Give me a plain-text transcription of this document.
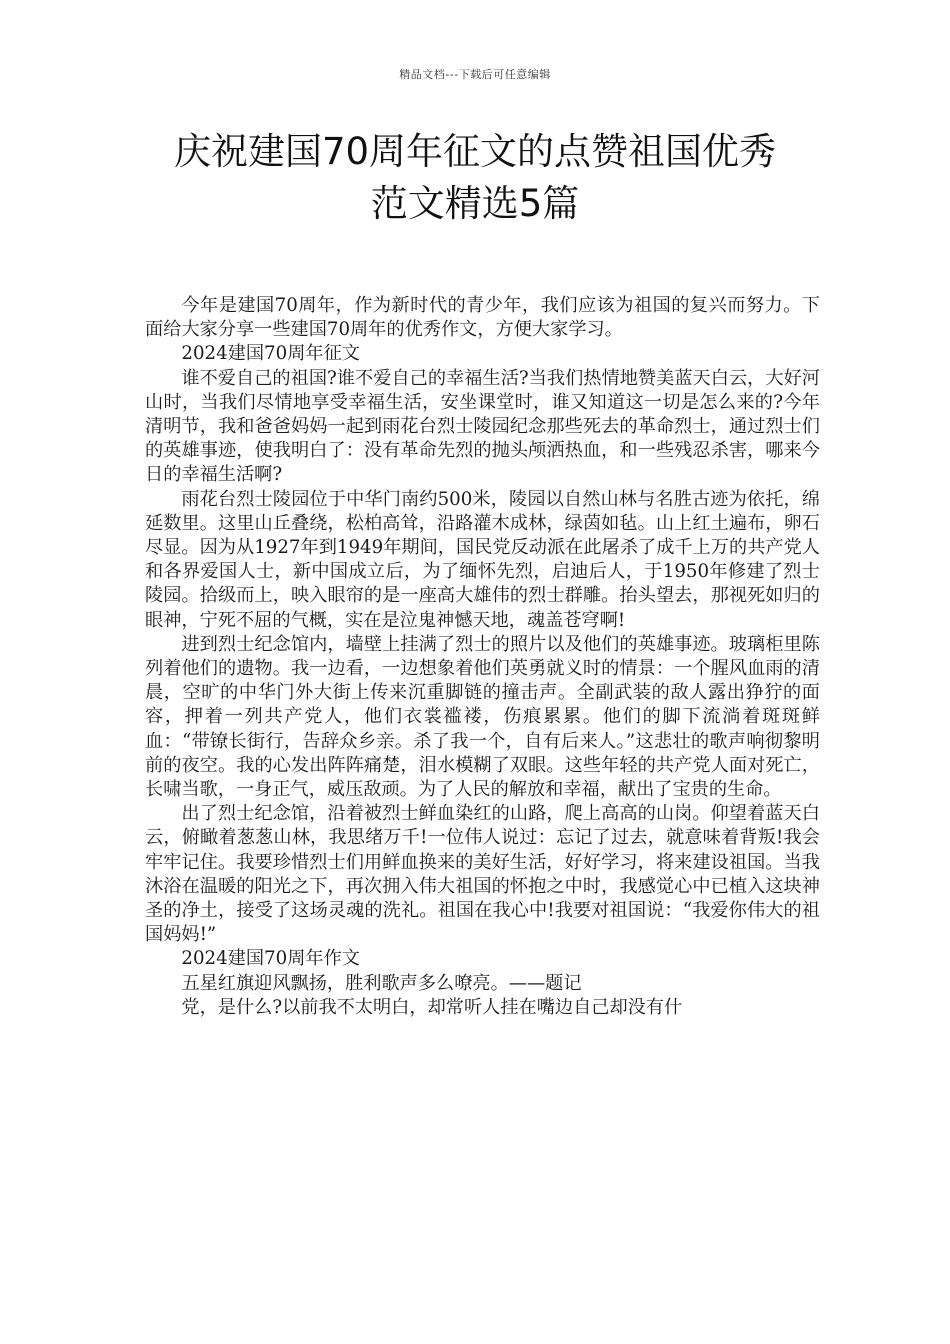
精品文档---下载后可任意编辑
庆祝建国70周年征文的点赞祖国优秀
范文精选5篇

今年是建国70周年，作为新时代的青少年，我们应该为祖国的复兴而努力。下面给大家分享一些建国70周年的优秀作文，方便大家学习。

2024建国70周年征文

谁不爱自己的祖国?谁不爱自己的幸福生活?当我们热情地赞美蓝天白云，大好河山时，当我们尽情地享受幸福生活，安坐课堂时，谁又知道这一切是怎么来的?今年清明节，我和爸爸妈妈一起到雨花台烈士陵园纪念那些死去的革命烈士，通过烈士们的英雄事迹，使我明白了：没有革命先烈的抛头颅洒热血，和一些残忍杀害，哪来今日的幸福生活啊?

雨花台烈士陵园位于中华门南约500米，陵园以自然山林与名胜古迹为依托，绵延数里。这里山丘叠绕，松柏高耸，沿路灌木成林，绿茵如毡。山上红土遍布，卵石尽显。因为从1927年到1949年期间，国民党反动派在此屠杀了成千上万的共产党人和各界爱国人士，新中国成立后，为了缅怀先烈，启迪后人，于1950年修建了烈士陵园。拾级而上，映入眼帘的是一座高大雄伟的烈士群雕。抬头望去，那视死如归的眼神，宁死不屈的气概，实在是泣鬼神憾天地，魂盖苍穹啊!

进到烈士纪念馆内，墙壁上挂满了烈士的照片以及他们的英雄事迹。玻璃柜里陈列着他们的遗物。我一边看，一边想象着他们英勇就义时的情景：一个腥风血雨的清晨，空旷的中华门外大街上传来沉重脚链的撞击声。全副武装的敌人露出狰狞的面容，押着一列共产党人，他们衣裳褴褛，伤痕累累。他们的脚下流淌着斑斑鲜血：“带镣长街行，告辞众乡亲。杀了我一个，自有后来人。”这悲壮的歌声响彻黎明前的夜空。我的心发出阵阵痛楚，泪水模糊了双眼。这些年轻的共产党人面对死亡，长啸当歌，一身正气，威压敌顽。为了人民的解放和幸福，献出了宝贵的生命。

出了烈士纪念馆，沿着被烈士鲜血染红的山路，爬上高高的山岗。仰望着蓝天白云，俯瞰着葱葱山林，我思绪万千!一位伟人说过：忘记了过去，就意味着背叛!我会牢牢记住。我要珍惜烈士们用鲜血换来的美好生活，好好学习，将来建设祖国。当我沐浴在温暖的阳光之下，再次拥入伟大祖国的怀抱之中时，我感觉心中已植入这块神圣的净土，接受了这场灵魂的洗礼。祖国在我心中!我要对祖国说：“我爱你伟大的祖国妈妈!”

2024建国70周年作文

五星红旗迎风飘扬，胜利歌声多么嘹亮。——题记

党，是什么?以前我不太明白，却常听人挂在嘴边自己却没有什
